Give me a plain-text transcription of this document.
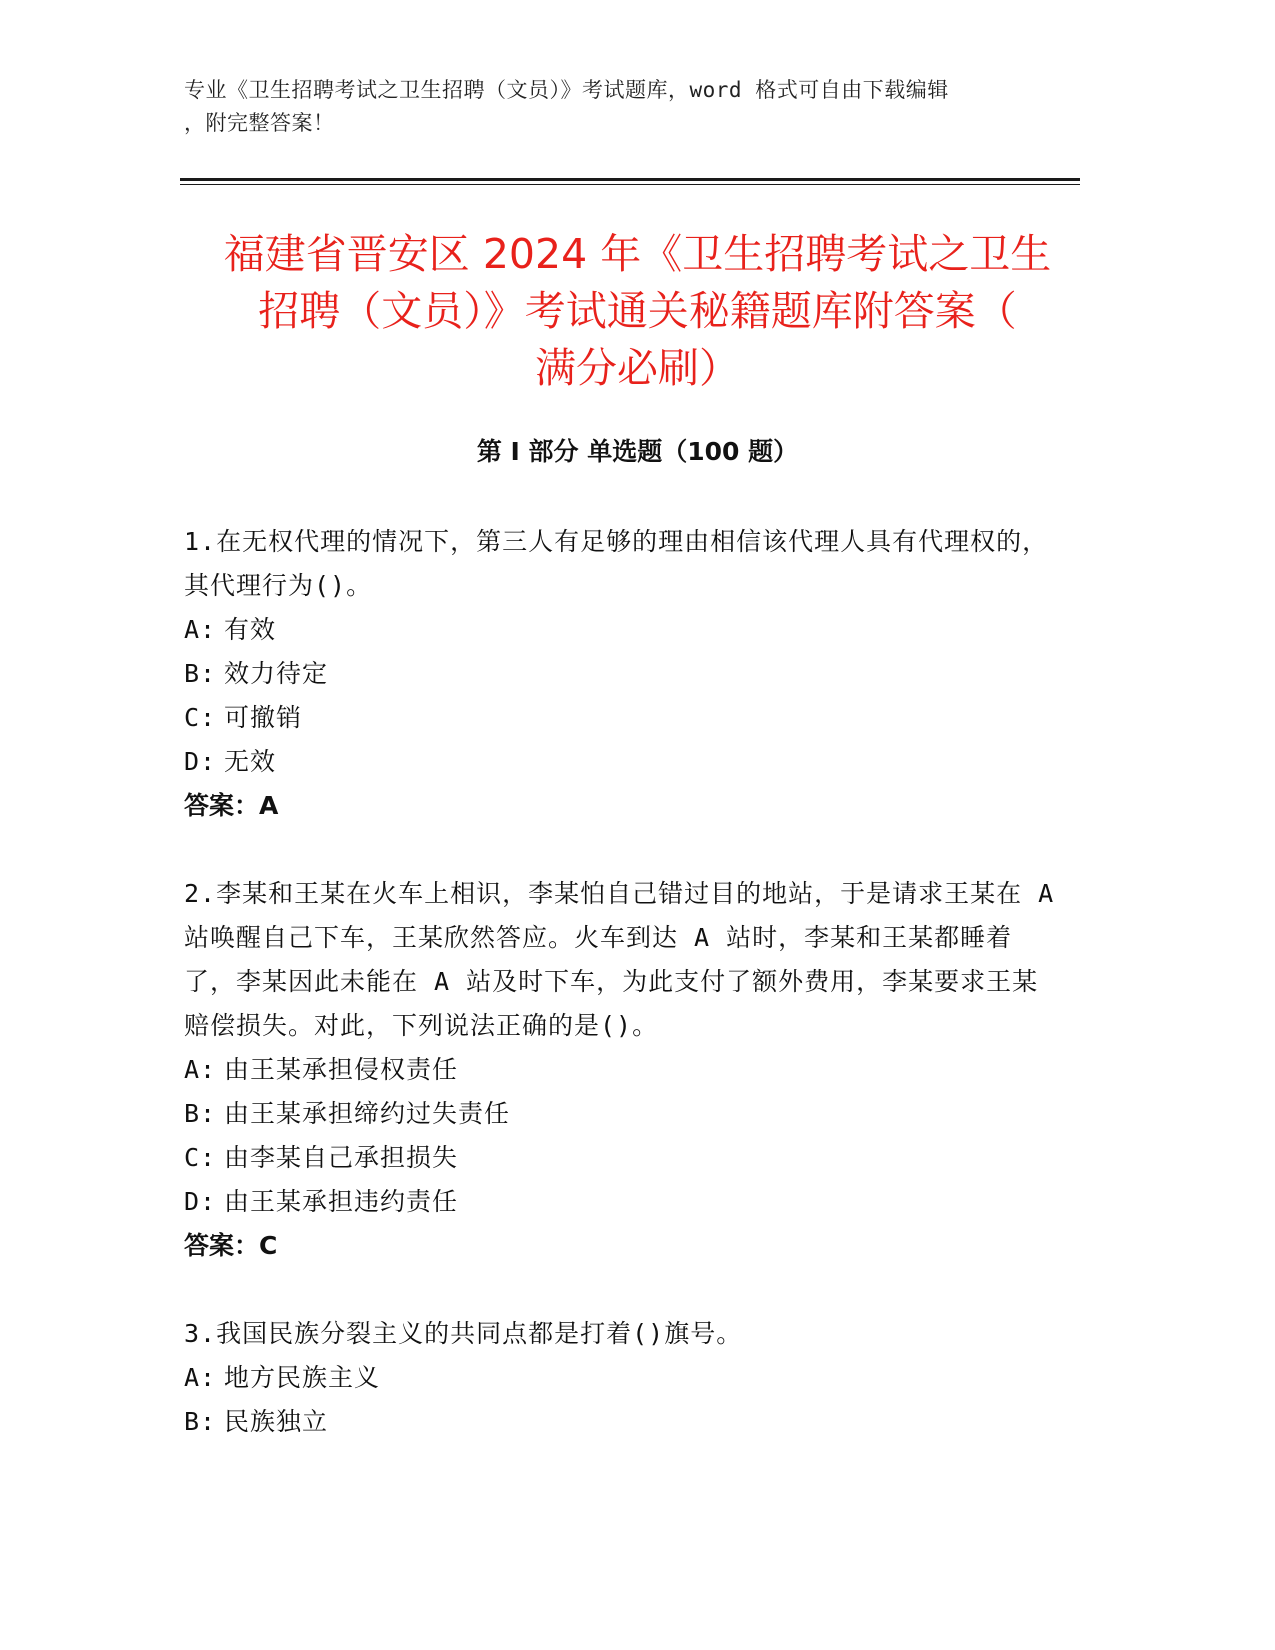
专业《卫生招聘考试之卫生招聘（文员）》考试题库，word 格式可自由下载编辑
，附完整答案！
福建省晋安区 2024 年《卫生招聘考试之卫生
招聘（文员）》考试通关秘籍题库附答案（
满分必刷）
第 I 部分 单选题（100 题）
1.在无权代理的情况下，第三人有足够的理由相信该代理人具有代理权的，其代理行为()。
A: 有效
B: 效力待定
C: 可撤销
D: 无效
答案：A
2.李某和王某在火车上相识，李某怕自己错过目的地站，于是请求王某在 A 站唤醒自己下车，王某欣然答应。火车到达 A 站时，李某和王某都睡着了，李某因此未能在 A 站及时下车，为此支付了额外费用，李某要求王某赔偿损失。对此，下列说法正确的是()。
A: 由王某承担侵权责任
B: 由王某承担缔约过失责任
C: 由李某自己承担损失
D: 由王某承担违约责任
答案：C
3.我国民族分裂主义的共同点都是打着()旗号。
A: 地方民族主义
B: 民族独立
